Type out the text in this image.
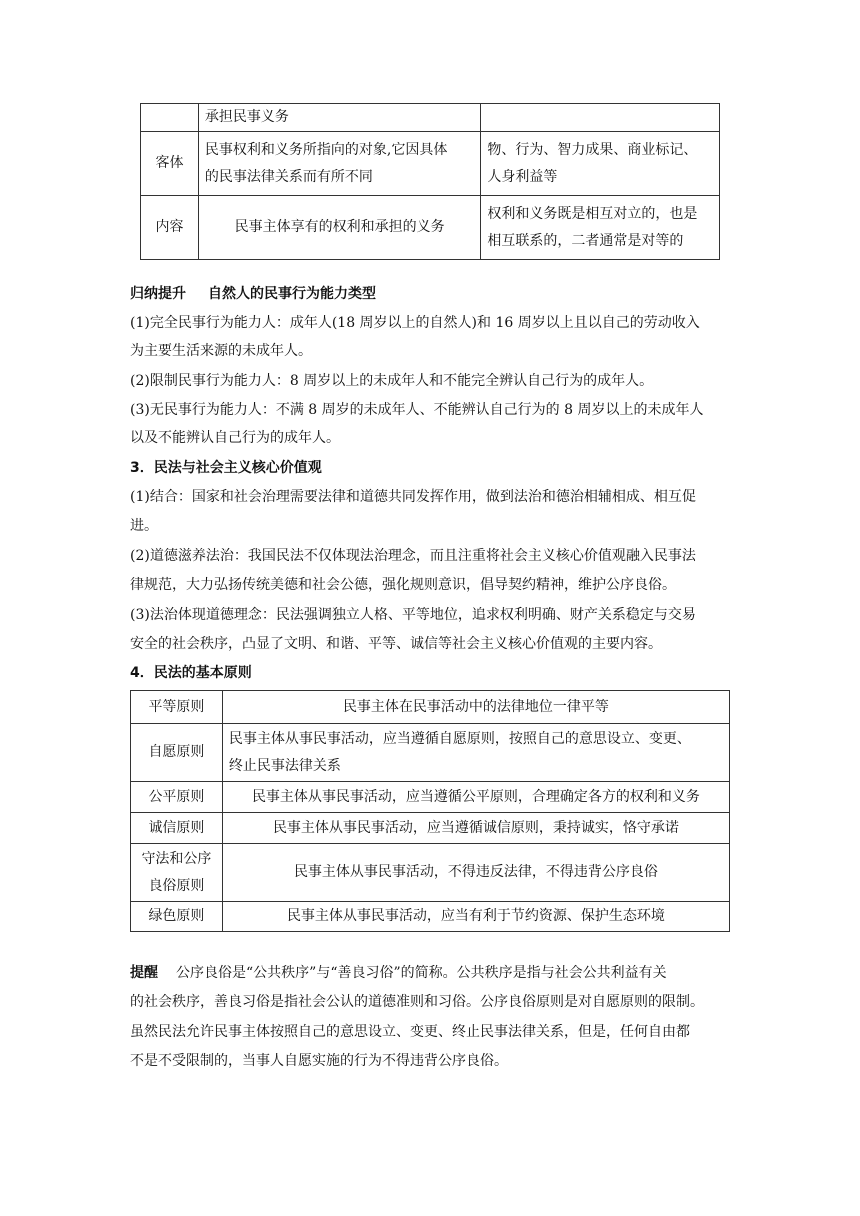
	承担民事义务	
客体	民事权利和义务所指向的对象,它因具体
的民事法律关系而有所不同	物、行为、智力成果、商业标记、
人身利益等
内容	民事主体享有的权利和承担的义务	权利和义务既是相互对立的，也是
相互联系的，二者通常是对等的
归纳提升 自然人的民事行为能力类型
(1)完全民事行为能力人：成年人(18 周岁以上的自然人)和 16 周岁以上且以自己的劳动收入
为主要生活来源的未成年人。
(2)限制民事行为能力人：8 周岁以上的未成年人和不能完全辨认自己行为的成年人。
(3)无民事行为能力人：不满 8 周岁的未成年人、不能辨认自己行为的 8 周岁以上的未成年人
以及不能辨认自己行为的成年人。
3．民法与社会主义核心价值观
(1)结合：国家和社会治理需要法律和道德共同发挥作用，做到法治和德治相辅相成、相互促
进。
(2)道德滋养法治：我国民法不仅体现法治理念，而且注重将社会主义核心价值观融入民事法
律规范，大力弘扬传统美德和社会公德，强化规则意识，倡导契约精神，维护公序良俗。
(3)法治体现道德理念：民法强调独立人格、平等地位，追求权利明确、财产关系稳定与交易
安全的社会秩序，凸显了文明、和谐、平等、诚信等社会主义核心价值观的主要内容。
4．民法的基本原则
平等原则	民事主体在民事活动中的法律地位一律平等
自愿原则	民事主体从事民事活动，应当遵循自愿原则，按照自己的意思设立、变更、
终止民事法律关系
公平原则	民事主体从事民事活动，应当遵循公平原则，合理确定各方的权利和义务
诚信原则	民事主体从事民事活动，应当遵循诚信原则，秉持诚实，恪守承诺
守法和公序
良俗原则	民事主体从事民事活动，不得违反法律，不得违背公序良俗
绿色原则	民事主体从事民事活动，应当有利于节约资源、保护生态环境
提醒 公序良俗是“公共秩序”与“善良习俗”的简称。公共秩序是指与社会公共利益有关
的社会秩序，善良习俗是指社会公认的道德准则和习俗。公序良俗原则是对自愿原则的限制。
虽然民法允许民事主体按照自己的意思设立、变更、终止民事法律关系，但是，任何自由都
不是不受限制的，当事人自愿实施的行为不得违背公序良俗。
